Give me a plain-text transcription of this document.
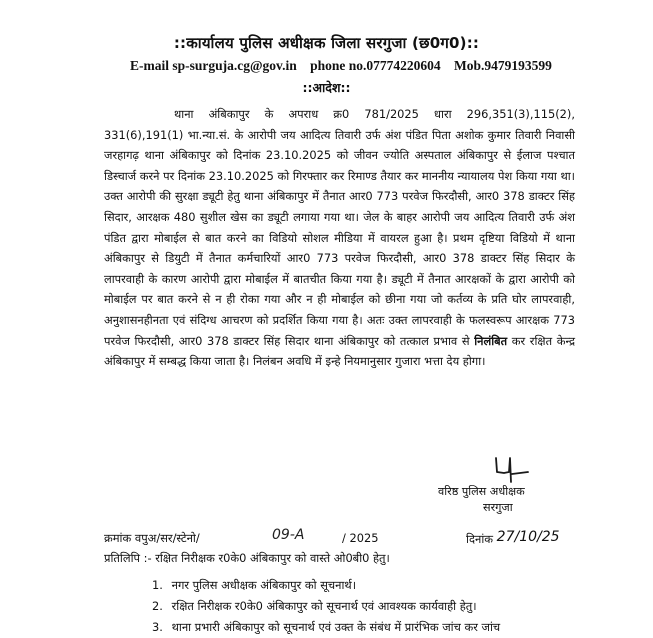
::कार्यालय पुलिस अधीक्षक जिला सरगुजा (छ0ग0)::
E-mail sp-surguja.cg@gov.in phone no.07774220604 Mob.9479193599
::आदेश::
थाना अंबिकापुर के अपराध क्र0 781/2025 धारा 296,351(3),115(2), 331(6),191(1) भा.न्या.सं. के आरोपी जय आदित्य तिवारी उर्फ अंश पंडित पिता अशोक कुमार तिवारी निवासी जरहागढ़ थाना अंबिकापुर को दिनांक 23.10.2025 को जीवन ज्योति अस्पताल अंबिकापुर से ईलाज पश्चात डिस्चार्ज करने पर दिनांक 23.10.2025 को गिरफ्तार कर रिमाण्ड तैयार कर माननीय न्यायालय पेश किया गया था। उक्त आरोपी की सुरक्षा ड्यूटी हेतु थाना अंबिकापुर में तैनात आर0 773 परवेज फिरदौसी, आर0 378 डाक्टर सिंह सिदार, आरक्षक 480 सुशील खेस का ड्यूटी लगाया गया था। जेल के बाहर आरोपी जय आदित्य तिवारी उर्फ अंश पंडित द्वारा मोबाईल से बात करने का विडियो सोशल मीडिया में वायरल हुआ है। प्रथम दृष्टिया विडियो में थाना अंबिकापुर से डियुटी में तैनात कर्मचारियों आर0 773 परवेज फिरदौसी, आर0 378 डाक्टर सिंह सिदार के लापरवाही के कारण आरोपी द्वारा मोबाईल में बातचीत किया गया है। ड्यूटी में तैनात आरक्षकों के द्वारा आरोपी को मोबाईल पर बात करने से न ही रोका गया और न ही मोबाईल को छीना गया जो कर्तव्य के प्रति घोर लापरवाही, अनुशासनहीनता एवं संदिग्ध आचरण को प्रदर्शित किया गया है। अतः उक्त लापरवाही के फलस्वरूप आरक्षक 773 परवेज फिरदौसी, आर0 378 डाक्टर सिंह सिदार थाना अंबिकापुर को तत्काल प्रभाव से निलंबित कर रक्षित केन्द्र अंबिकापुर में सम्बद्ध किया जाता है। निलंबन अवधि में इन्हे नियमानुसार गुजारा भत्ता देय होगा।
वरिष्ठ पुलिस अधीक्षक
सरगुजा
क्रमांक वपुअ/सर/स्टेनो/	09-A	/ 2025	दिनांक 27/10/25
प्रतिलिपि :- रक्षित निरीक्षक र0के0 अंबिकापुर को वास्ते ओ0बी0 हेतु।
1. नगर पुलिस अधीक्षक अंबिकापुर को सूचनार्थ।
2. रक्षित निरीक्षक र0के0 अंबिकापुर को सूचनार्थ एवं आवश्यक कार्यवाही हेतु।
3. थाना प्रभारी अंबिकापुर को सूचनार्थ एवं उक्त के संबंध में प्रारंभिक जांच कर जांच
